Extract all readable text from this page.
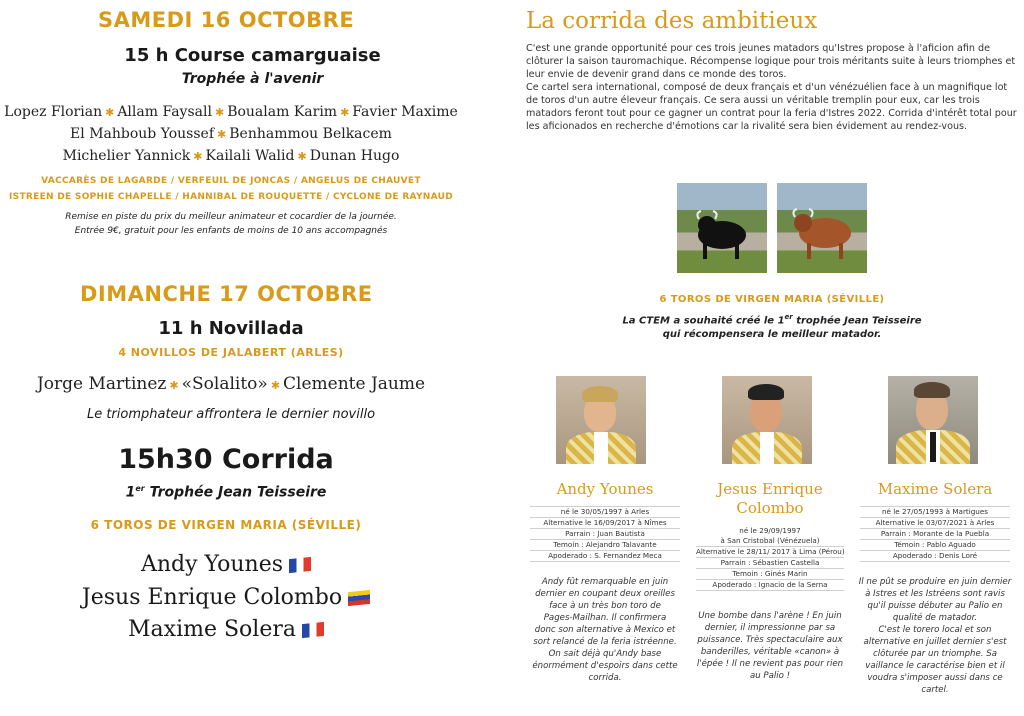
SAMEDI 16 OCTOBRE
15 h Course camarguaise
Trophée à l'avenir
Lopez Florian ✱ Allam Faysall ✱ Boualam Karim ✱ Favier Maxime
El Mahboub Youssef ✱ Benhammou Belkacem
Michelier Yannick ✱ Kailali Walid ✱ Dunan Hugo
VACCARÈS DE LAGARDE / VERFEUIL DE JONCAS / ANGELUS DE CHAUVET
ISTREEN DE SOPHIE CHAPELLE / HANNIBAL DE ROUQUETTE / CYCLONE DE RAYNAUD
Remise en piste du prix du meilleur animateur et cocardier de la journée.
Entrée 9€, gratuit pour les enfants de moins de 10 ans accompagnés
DIMANCHE 17 OCTOBRE
11 h Novillada
4 NOVILLOS DE JALABERT (ARLES)
Jorge Martinez ✱ «Solalito» ✱ Clemente Jaume
Le triomphateur affrontera le dernier novillo
15h30 Corrida
1er Trophée Jean Teisseire
6 TOROS DE VIRGEN MARIA (SÉVILLE)
Andy Younes
Jesus Enrique Colombo
Maxime Solera
La corrida des ambitieux
C'est une grande opportunité pour ces trois jeunes matadors qu'Istres propose à l'aficion afin de clôturer la saison tauromachique. Récompense logique pour trois méritants suite à leurs triomphes et leur envie de devenir grand dans ce monde des toros.
Ce cartel sera international, composé de deux français et d'un vénézuélien face à un magnifique lot de toros d'un autre éleveur français. Ce sera aussi un véritable tremplin pour eux, car les trois matadors feront tout pour ce gagner un contrat pour la feria d'Istres 2022. Corrida d'intérêt total pour les aficionados en recherche d'émotions car la rivalité sera bien évidement au rendez-vous.
6 TOROS DE VIRGEN MARIA (SÉVILLE)
La CTEM a souhaité créé le 1er trophée Jean Teisseire
qui récompensera le meilleur matador.
Andy Younes
né le 30/05/1997 à Arles
Alternative le 16/09/2017 à Nîmes
Parrain : Juan Bautista
Temoin : Alejandro Talavante
Apoderado : S. Fernandez Meca
Andy fût remarquable en juin
dernier en coupant deux oreilles
face à un très bon toro de
Pages-Mailhan. Il confirmera
donc son alternative à Mexico et
sort relancé de la feria istréenne.
On sait déjà qu'Andy base
énormément d'espoirs dans cette
corrida.
Jesus Enrique
Colombo
né le 29/09/1997
à San Cristobal (Vénézuela)
Alternative le 28/11/ 2017 à Lima (Pérou)
Parrain : Sébastien Castella
Temoin : Ginés Marin
Apoderado : Ignacio de la Serna
Une bombe dans l'arène ! En juin
dernier, il impressionne par sa
puissance. Très spectaculaire aux
banderilles, véritable «canon» à
l'épée ! Il ne revient pas pour rien
au Palio !
Maxime Solera
né le 27/05/1993 à Martigues
Alternative le 03/07/2021 à Arles
Parrain : Morante de la Puebla
Témoin : Pablo Aguado
Apoderado : Denis Loré
Il ne pût se produire en juin dernier
à Istres et les Istréens sont ravis
qu'il puisse débuter au Palio en
qualité de matador.
C'est le torero local et son
alternative en juillet dernier s'est
clôturée par un triomphe. Sa
vaillance le caractérise bien et il
voudra s'imposer aussi dans ce
cartel.
